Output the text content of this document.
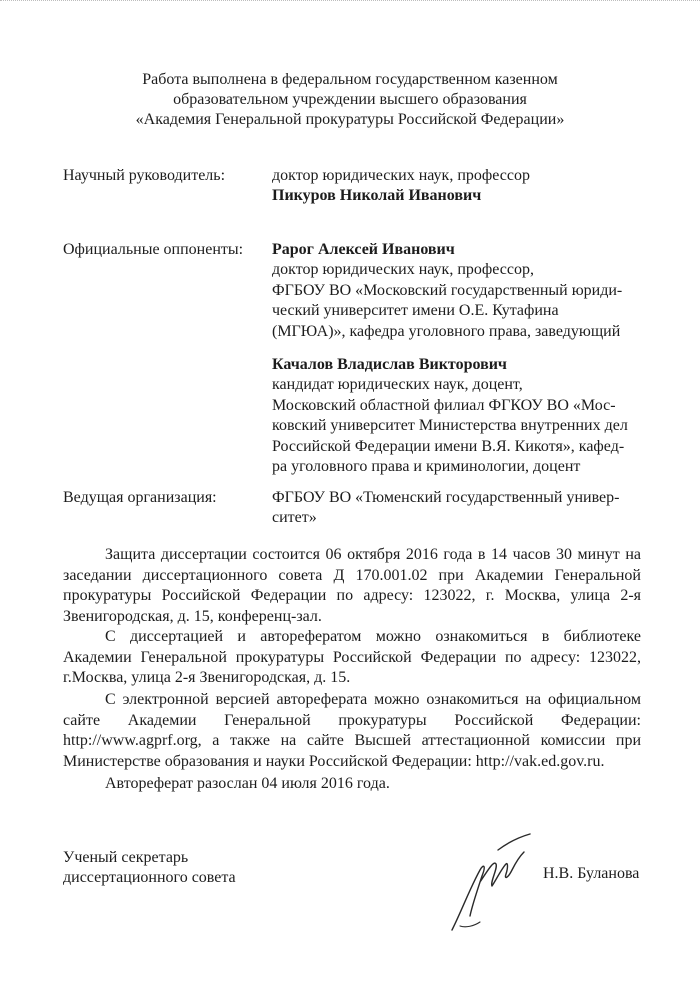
Работа выполнена в федеральном государственном казенном
образовательном учреждении высшего образования
«Академия Генеральной прокуратуры Российской Федерации»
Научный руководитель:	доктор юридических наук, профессор
Пикуров Николай Иванович
Официальные оппоненты: Рарог Алексей Иванович
доктор юридических наук, профессор,
ФГБОУ ВО «Московский государственный юриди-
ческий университет имени О.Е. Кутафина
(МГЮА)», кафедра уголовного права, заведующий
Качалов Владислав Викторович
кандидат юридических наук, доцент,
Московский областной филиал ФГКОУ ВО «Мос-
ковский университет Министерства внутренних дел
Российской Федерации имени В.Я. Кикотя», кафед-
ра уголовного права и криминологии, доцент
Ведущая организация:	ФГБОУ ВО «Тюменский государственный универ-
ситет»
Защита диссертации состоится 06 октября 2016 года в 14 часов 30 минут на заседании диссертационного совета Д 170.001.02 при Академии Генеральной прокуратуры Российской Федерации по адресу: 123022, г. Москва, улица 2-я Звенигородская, д. 15, конференц-зал.
С диссертацией и авторефератом можно ознакомиться в библиотеке Академии Генеральной прокуратуры Российской Федерации по адресу: 123022, г.Москва, улица 2-я Звенигородская, д. 15.
С электронной версией автореферата можно ознакомиться на официальном сайте Академии Генеральной прокуратуры Российской Федерации: http://www.agprf.org, а также на сайте Высшей аттестационной комиссии при Министерстве образования и науки Российской Федерации: http://vak.ed.gov.ru.
Автореферат разослан 04 июля 2016 года.
Ученый секретарь
диссертационного совета	Н.В. Буланова
